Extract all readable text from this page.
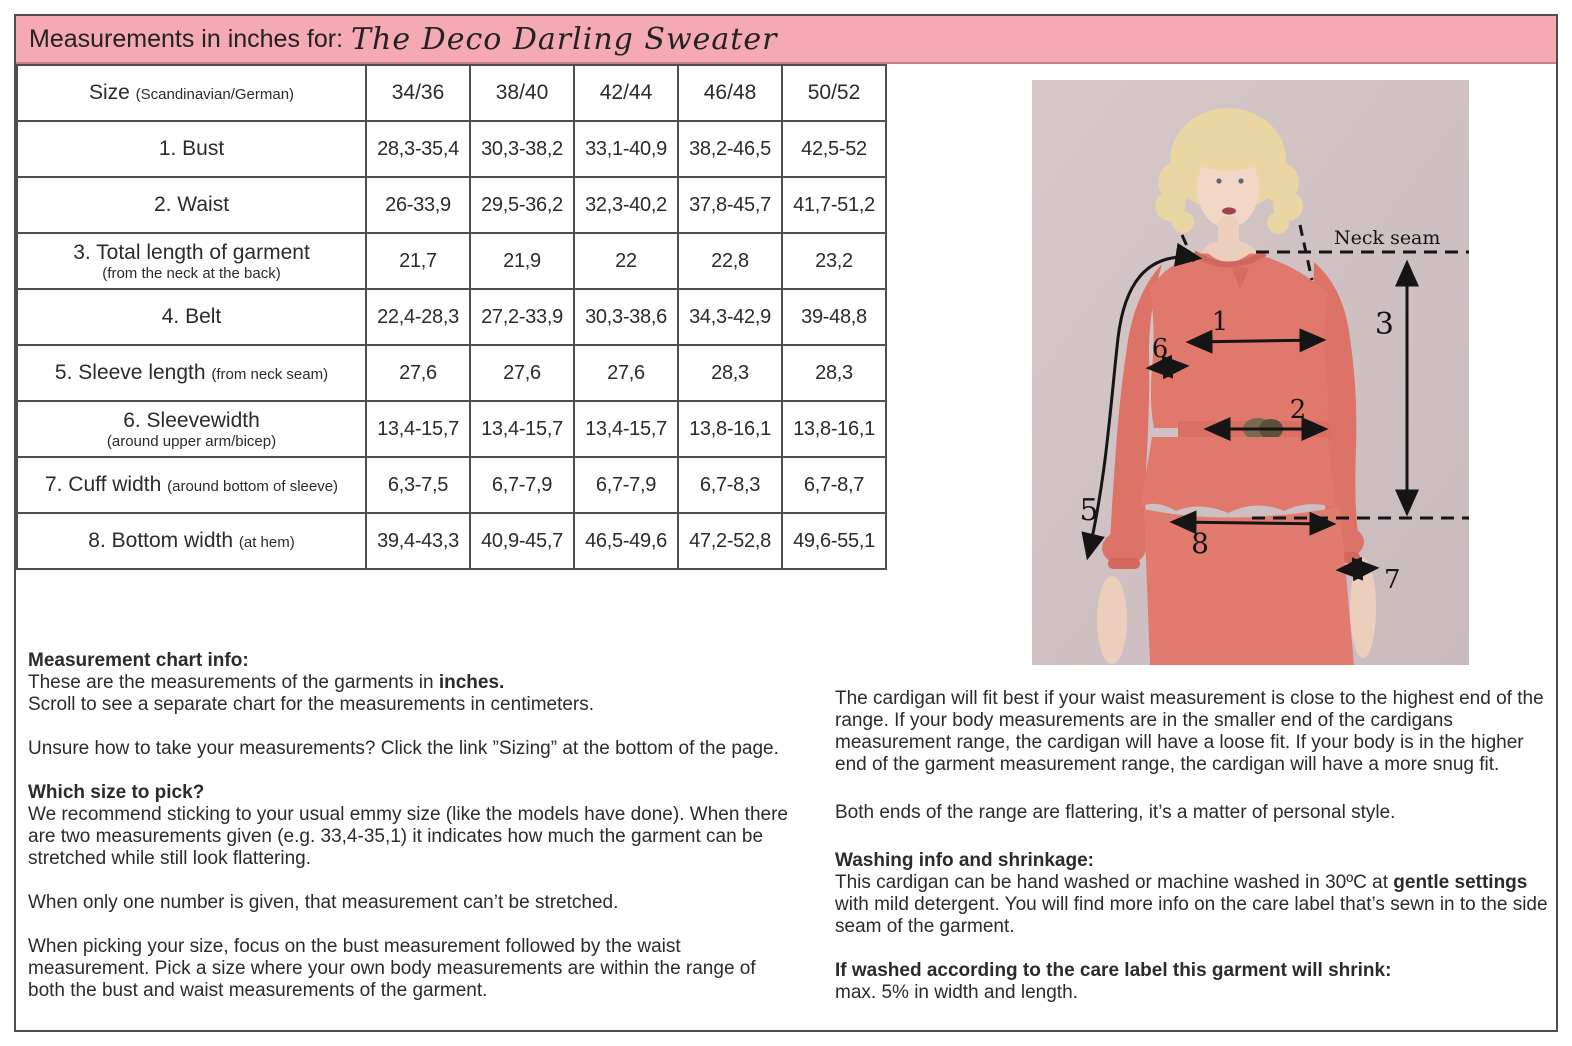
Measurements in inches for: The Deco Darling Sweater
Size (Scandinavian/German)	34/36	38/40	42/44	46/48	50/52
1. Bust	28,3-35,4	30,3-38,2	33,1-40,9	38,2-46,5	42,5-52
2. Waist	26-33,9	29,5-36,2	32,3-40,2	37,8-45,7	41,7-51,2
3. Total length of garment
(from the neck at the back)	21,7	21,9	22	22,8	23,2
4. Belt	22,4-28,3	27,2-33,9	30,3-38,6	34,3-42,9	39-48,8
5. Sleeve length (from neck seam)	27,6	27,6	27,6	28,3	28,3
6. Sleevewidth
(around upper arm/bicep)	13,4-15,7	13,4-15,7	13,4-15,7	13,8-16,1	13,8-16,1
7. Cuff width (around bottom of sleeve)	6,3-7,5	6,7-7,9	6,7-7,9	6,7-8,3	6,7-8,7
8. Bottom width (at hem)	39,4-43,3	40,9-45,7	46,5-49,6	47,2-52,8	49,6-55,1
Neck seam
3
1
6
2
8
7
5
Measurement chart info:

These are the measurements of the garments in inches.
Scroll to see a separate chart for the measurements in centimeters.

Unsure how to take your measurements? Click the link ”Sizing” at the bottom of the page.

Which size to pick?

We recommend sticking to your usual emmy size (like the models have done). When there are two measurements given (e.g. 33,4-35,1) it indicates how much the garment can be stretched while still look flattering.

When only one number is given, that measurement can’t be stretched.

When picking your size, focus on the bust measurement followed by the waist measurement. Pick a size where your own body measurements are within the range of both the bust and waist measurements of the garment.

The cardigan will fit best if your waist measurement is close to the highest end of the range. If your body measurements are in the smaller end of the cardigans measurement range, the cardigan will have a loose fit. If your body is in the higher end of the garment measurement range, the cardigan will have a more snug fit.

Both ends of the range are flattering, it’s a matter of personal style.

Washing info and shrinkage:

This cardigan can be hand washed or machine washed in 30ºC at gentle settings with mild detergent. You will find more info on the care label that’s sewn in to the side seam of the garment.

If washed according to the care label this garment will shrink:

max. 5% in width and length.
